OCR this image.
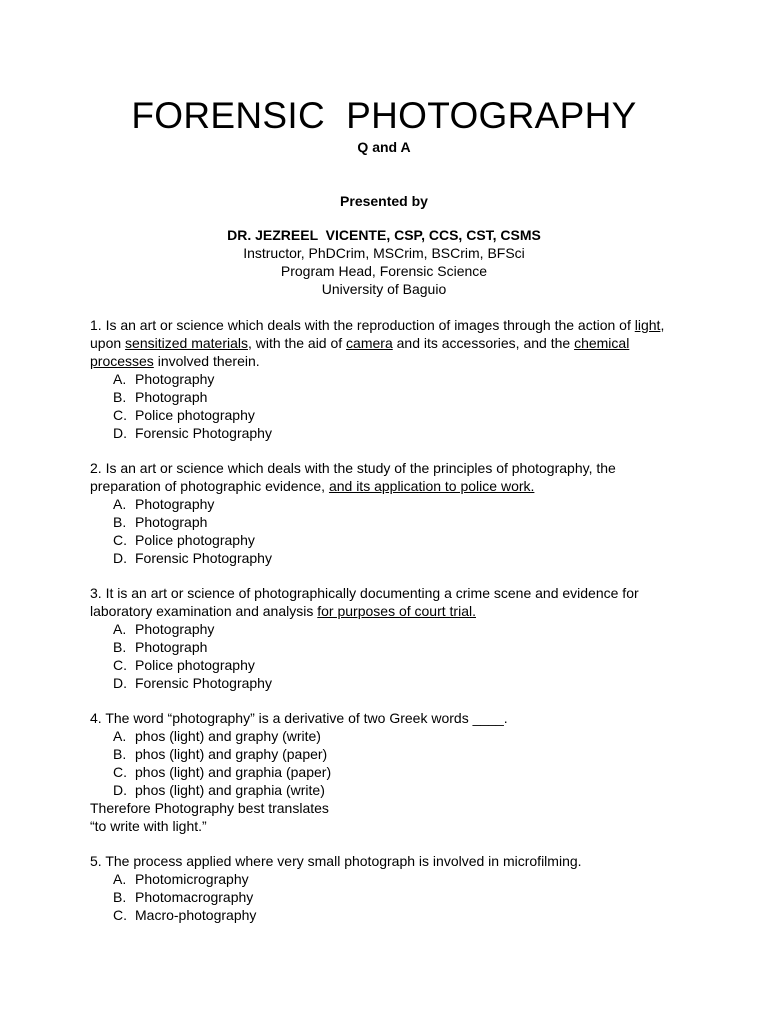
FORENSIC  PHOTOGRAPHY
Q and A
Presented by
DR. JEZREEL  VICENTE, CSP, CCS, CST, CSMS
Instructor, PhDCrim, MSCrim, BSCrim, BFSci
Program Head, Forensic Science
University of Baguio

1. Is an art or science which deals with the reproduction of images through the action of light, upon sensitized materials, with the aid of camera and its accessories, and the chemical processes involved therein.

A. Photography
B. Photograph
C. Police photography
D. Forensic Photography

2. Is an art or science which deals with the study of the principles of photography, the preparation of photographic evidence, and its application to police work.

A. Photography
B. Photograph
C. Police photography
D. Forensic Photography

3. It is an art or science of photographically documenting a crime scene and evidence for laboratory examination and analysis for purposes of court trial.

A. Photography
B. Photograph
C. Police photography
D. Forensic Photography

4. The word “photography” is a derivative of two Greek words ____.

A. phos (light) and graphy (write)
B. phos (light) and graphy (paper)
C. phos (light) and graphia (paper)
D. phos (light) and graphia (write)

Therefore Photography best translates

“to write with light.”

5. The process applied where very small photograph is involved in microfilming.

A. Photomicrography
B. Photomacrography
C. Macro-photography
